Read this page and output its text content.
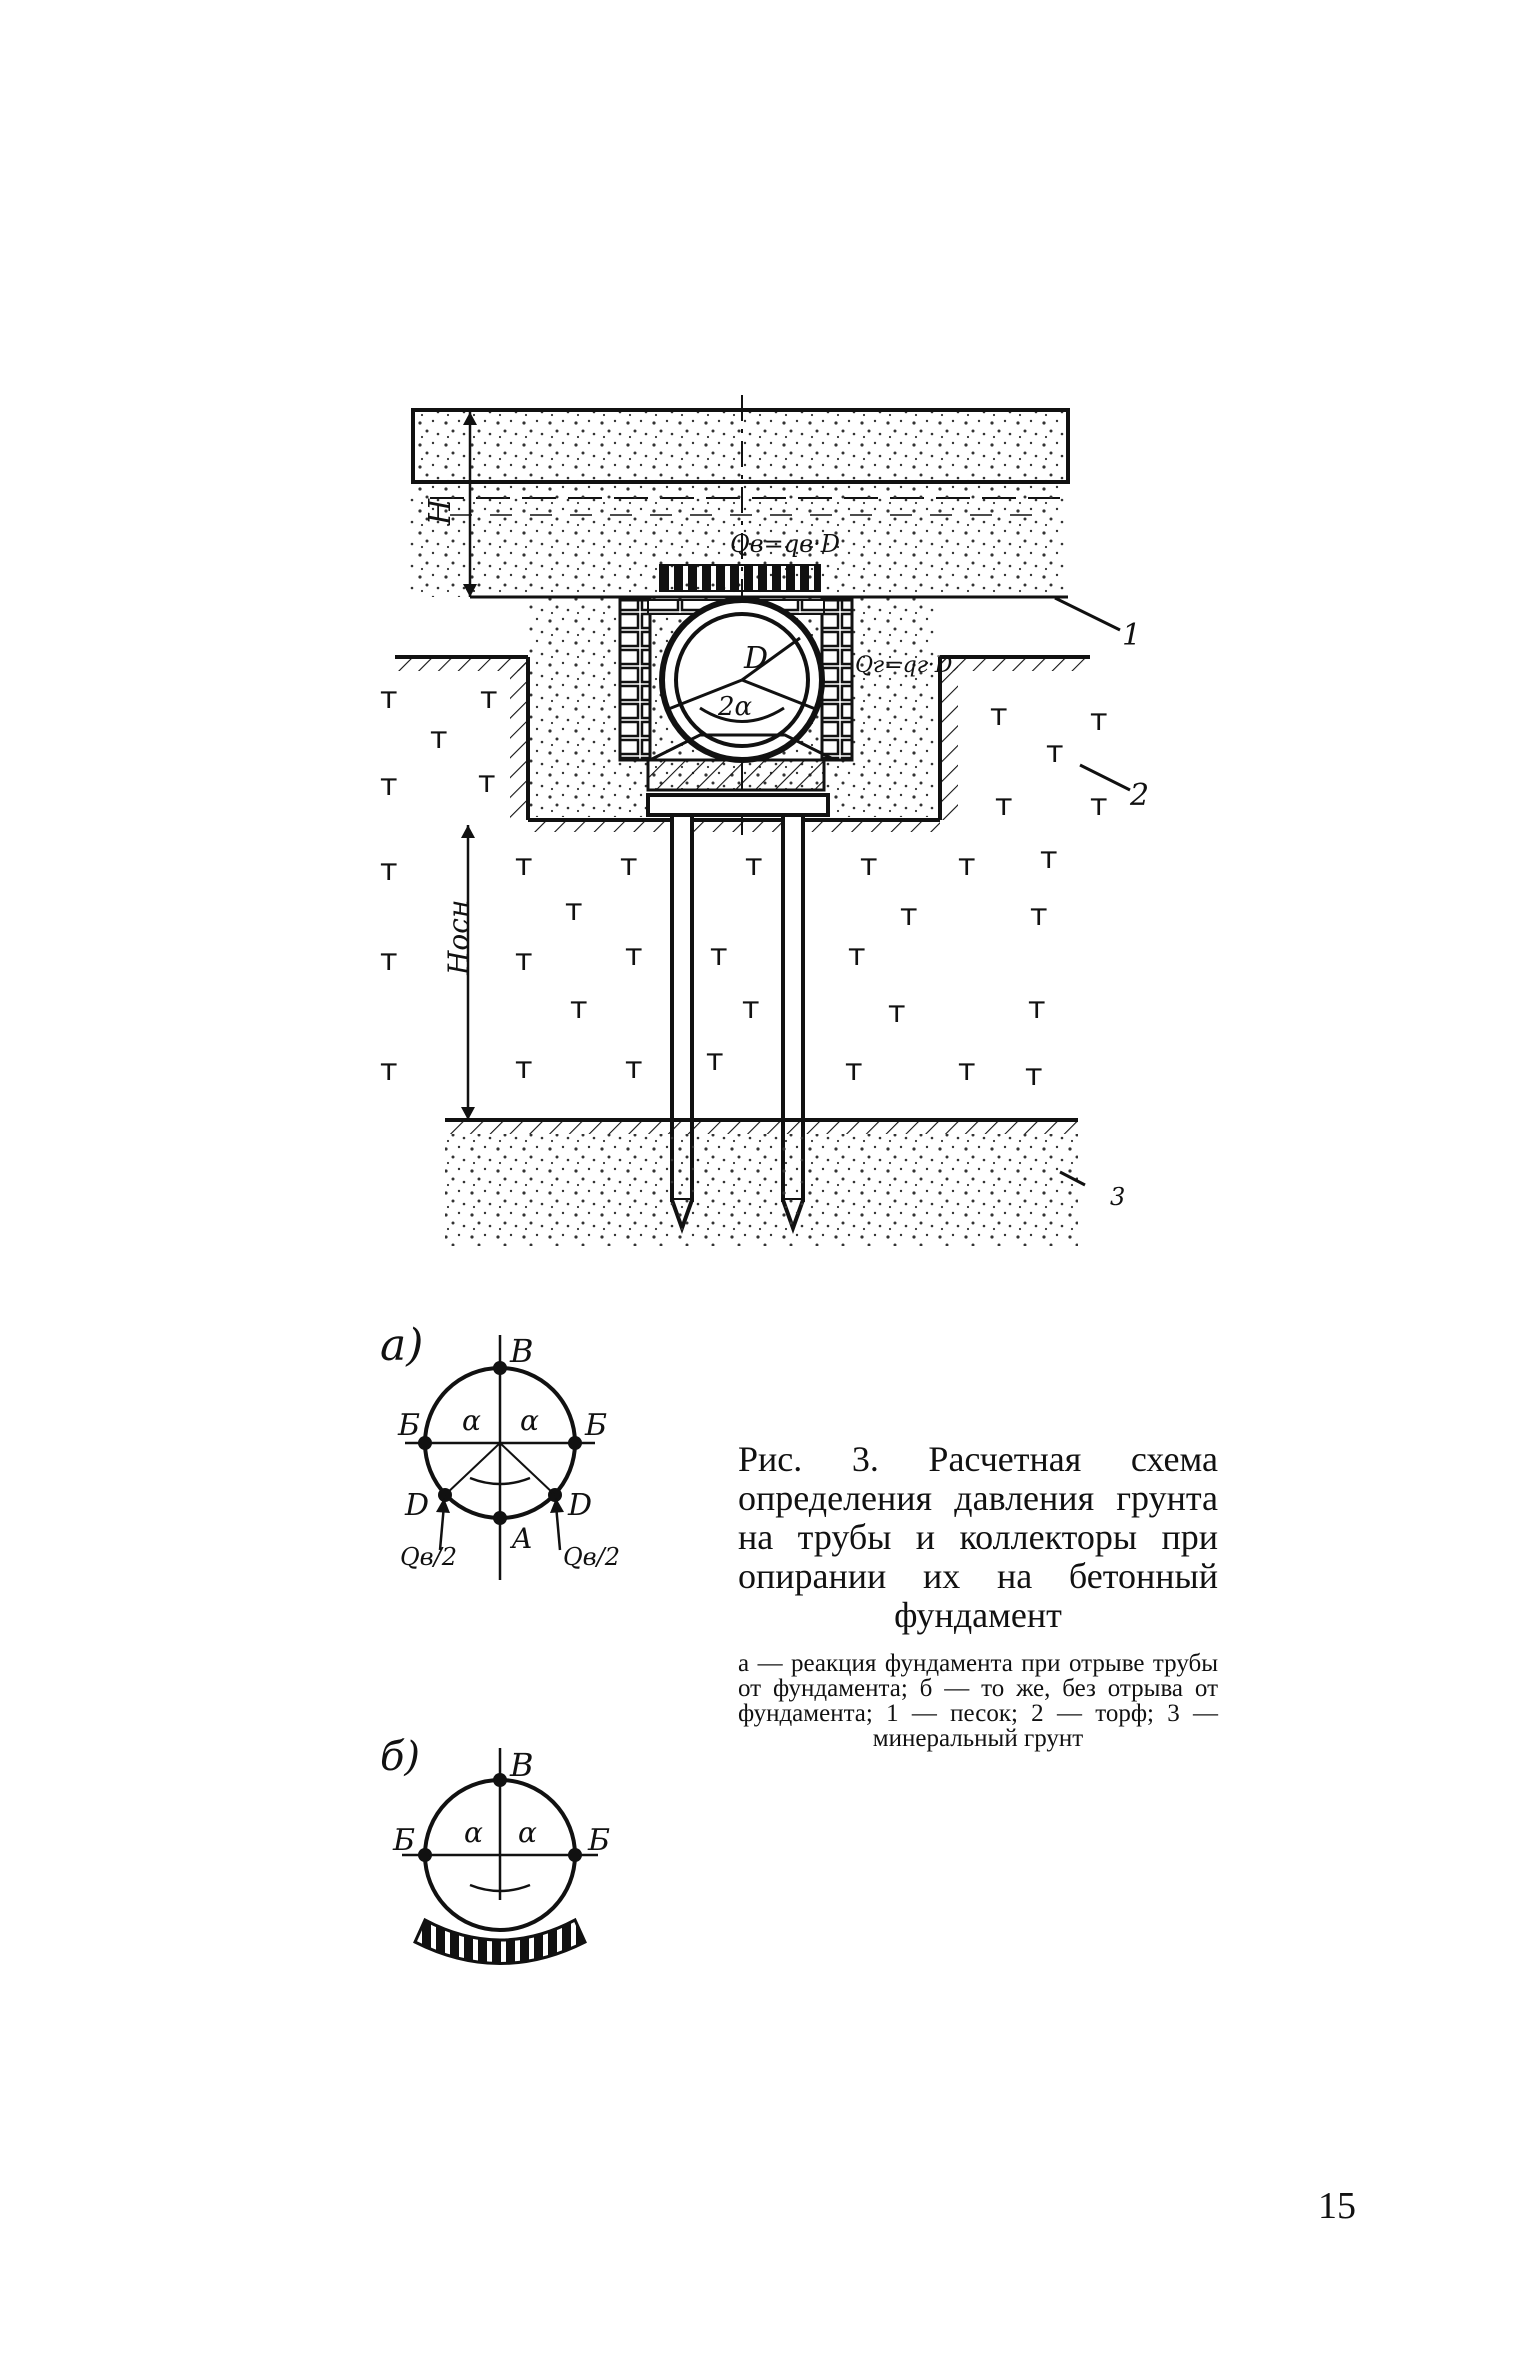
H
Hосн
Qв=qв·D
D
2α
Qг=qг·D
1
2
3
т	т
т
т	т
т
т
т
т	т	т	т	т т
т	т	т
т	т т	т
т	т	т	т
т	т т	т	т т
т	т
т
т	т
а)	В
Б	Б
α α
D	D
A
Qв/2	Qв/2
б)	В
Б	Б
α α
Рис. 3. Расчетная схема определения давления грунта на трубы и коллекторы при опирании их на бетонный фундамент
а — реакция фундамента при отрыве трубы от фундамента; б — то же, без отрыва от фундамента; 1 — песок; 2 — торф; 3 — минеральный грунт
15
